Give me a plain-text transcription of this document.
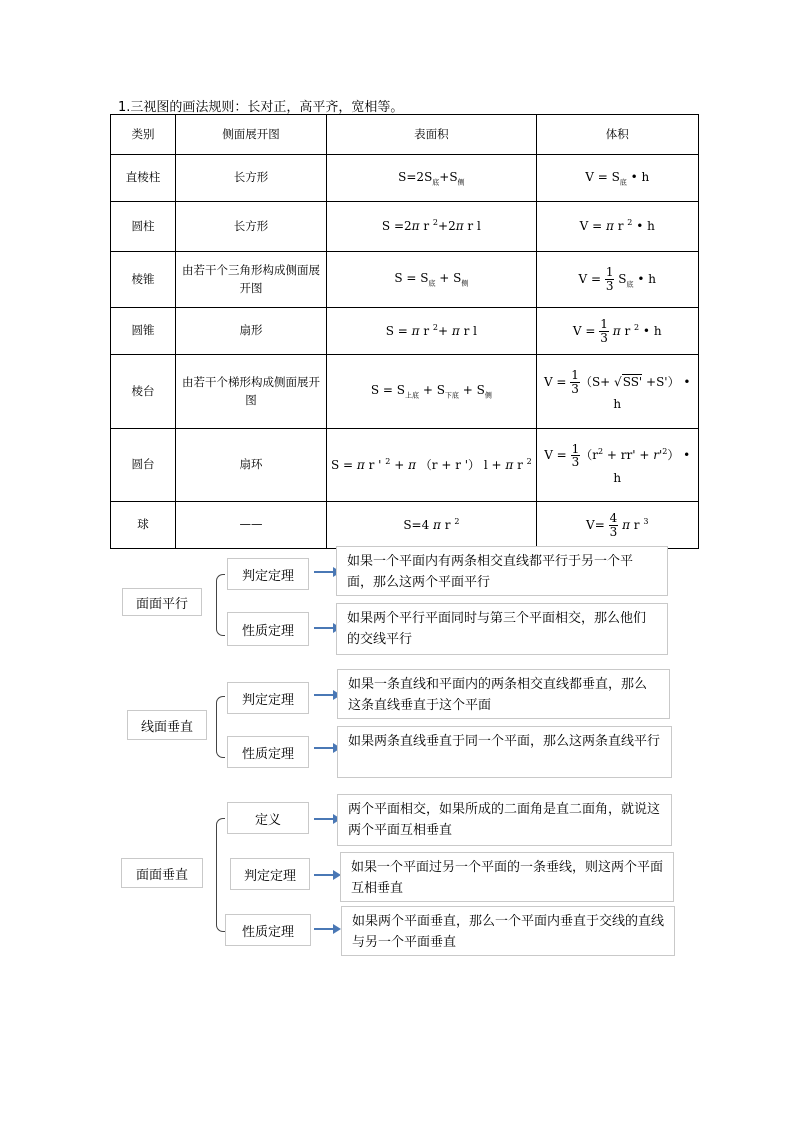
1.三视图的画法规则：长对正，高平齐，宽相等。
类别	侧面展开图	表面积	体积
直棱柱	长方形	$S=2S_底+S_侧$	$V = S_底$ • h
圆柱	长方形	S =2π r $^2$+2π r l	V = π r $^2$ • h
棱锥	由若干个三角形构成侧面展开图	$S = S_底 + S_侧$	$V = \frac{1}{3} S_底$ • h
圆锥	扇形	S = π r $^2$+ π r l	$V = \frac{1}{3}$ π r $^2$ • h
棱台	由若干个梯形构成侧面展开图	$S = S_{上底} + S_{下底} + S_侧$	$V = \frac{1}{3} (S+ √SS' +S')$ •
h
圆台	扇环	S = π r ' $^2$ + π （r + r '） l + π r $^2$	$V = \frac{1}{3} (r^2 + rr' + r'^2)$ •
h
球	——	S=4 π r $^2$	$V= \frac{4}{3}$ π r $^3$
面面平行
判定定理
如果一个平面内有两条相交直线都平行于另一个平面，那么这两个平面平行
性质定理
如果两个平行平面同时与第三个平面相交，那么他们的交线平行
线面垂直
判定定理
如果一条直线和平面内的两条相交直线都垂直，那么这条直线垂直于这个平面
性质定理
如果两条直线垂直于同一个平面，那么这两条直线平行
面面垂直
定义
两个平面相交，如果所成的二面角是直二面角，就说这两个平面互相垂直
判定定理
如果一个平面过另一个平面的一条垂线，则这两个平面互相垂直
性质定理
如果两个平面垂直，那么一个平面内垂直于交线的直线与另一个平面垂直
